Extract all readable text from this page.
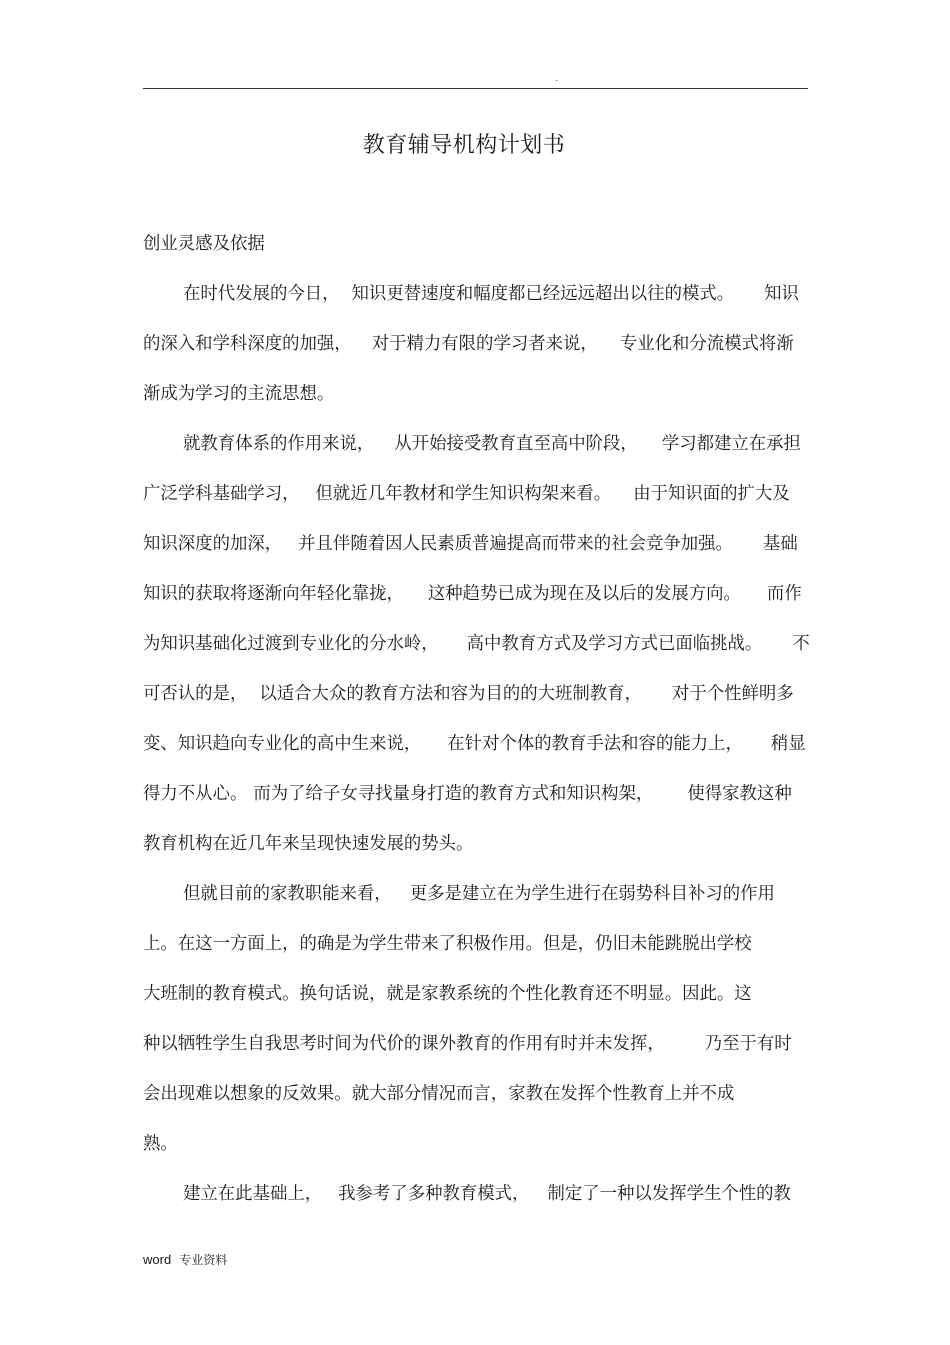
.
教育辅导机构计划书
创业灵感及依据
在时代发展的今日， 知识更替速度和幅度都已经远远超出以往的模式。 知识
的深入和学科深度的加强， 对于精力有限的学习者来说， 专业化和分流模式将渐
渐成为学习的主流思想。
就教育体系的作用来说， 从开始接受教育直至高中阶段， 学习都建立在承担
广泛学科基础学习， 但就近几年教材和学生知识构架来看。 由于知识面的扩大及
知识深度的加深， 并且伴随着因人民素质普遍提高而带来的社会竞争加强。 基础
知识的获取将逐渐向年轻化靠拢， 这种趋势已成为现在及以后的发展方向。 而作
为知识基础化过渡到专业化的分水岭， 高中教育方式及学习方式已面临挑战。 不
可否认的是， 以适合大众的教育方法和容为目的的大班制教育， 对于个性鲜明多
变、知识趋向专业化的高中生来说， 在针对个体的教育手法和容的能力上， 稍显
得力不从心。 而为了给子女寻找量身打造的教育方式和知识构架， 使得家教这种
教育机构在近几年来呈现快速发展的势头。
但就目前的家教职能来看， 更多是建立在为学生进行在弱势科目补习的作用
上。在这一方面上，的确是为学生带来了积极作用。但是，仍旧未能跳脱出学校
大班制的教育模式。换句话说，就是家教系统的个性化教育还不明显。因此。这
种以牺牲学生自我思考时间为代价的课外教育的作用有时并未发挥， 乃至于有时
会出现难以想象的反效果。就大部分情况而言，家教在发挥个性教育上并不成
熟。
建立在此基础上， 我参考了多种教育模式， 制定了一种以发挥学生个性的教
word 专业资料
